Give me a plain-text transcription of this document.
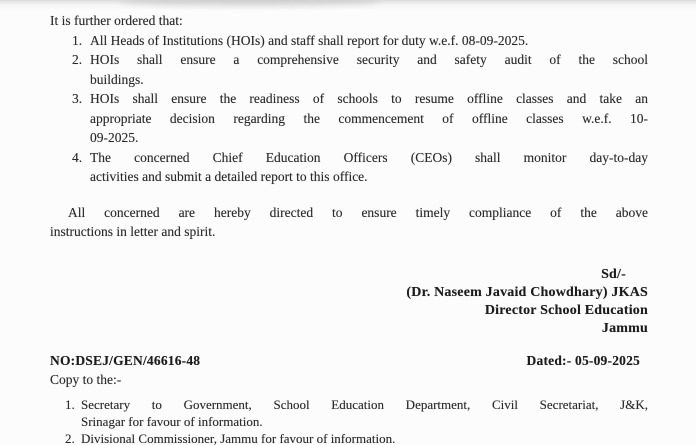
It is further ordered that:

1. All Heads of Institutions (HOIs) and staff shall report for duty w.e.f. 08-09-2025.
2. HOIs shall ensure a comprehensive security and safety audit of the school
buildings.
3. HOIs shall ensure the readiness of schools to resume offline classes and take an
appropriate decision regarding the commencement of offline classes w.e.f. 10-
09-2025.
4. The concerned Chief Education Officers (CEOs) shall monitor day-to-day
activities and submit a detailed report to this office.
All concerned are hereby directed to ensure timely compliance of the above
instructions in letter and spirit.
Sd/-
(Dr. Naseem Javaid Chowdhary) JKAS
Director School Education
Jammu
NO:DSEJ/GEN/46616-48	Dated:- 05-09-2025
Copy to the:-
1. Secretary to Government, School Education Department, Civil Secretariat, J&K,
Srinagar for favour of information.
2. Divisional Commissioner, Jammu for favour of information.
